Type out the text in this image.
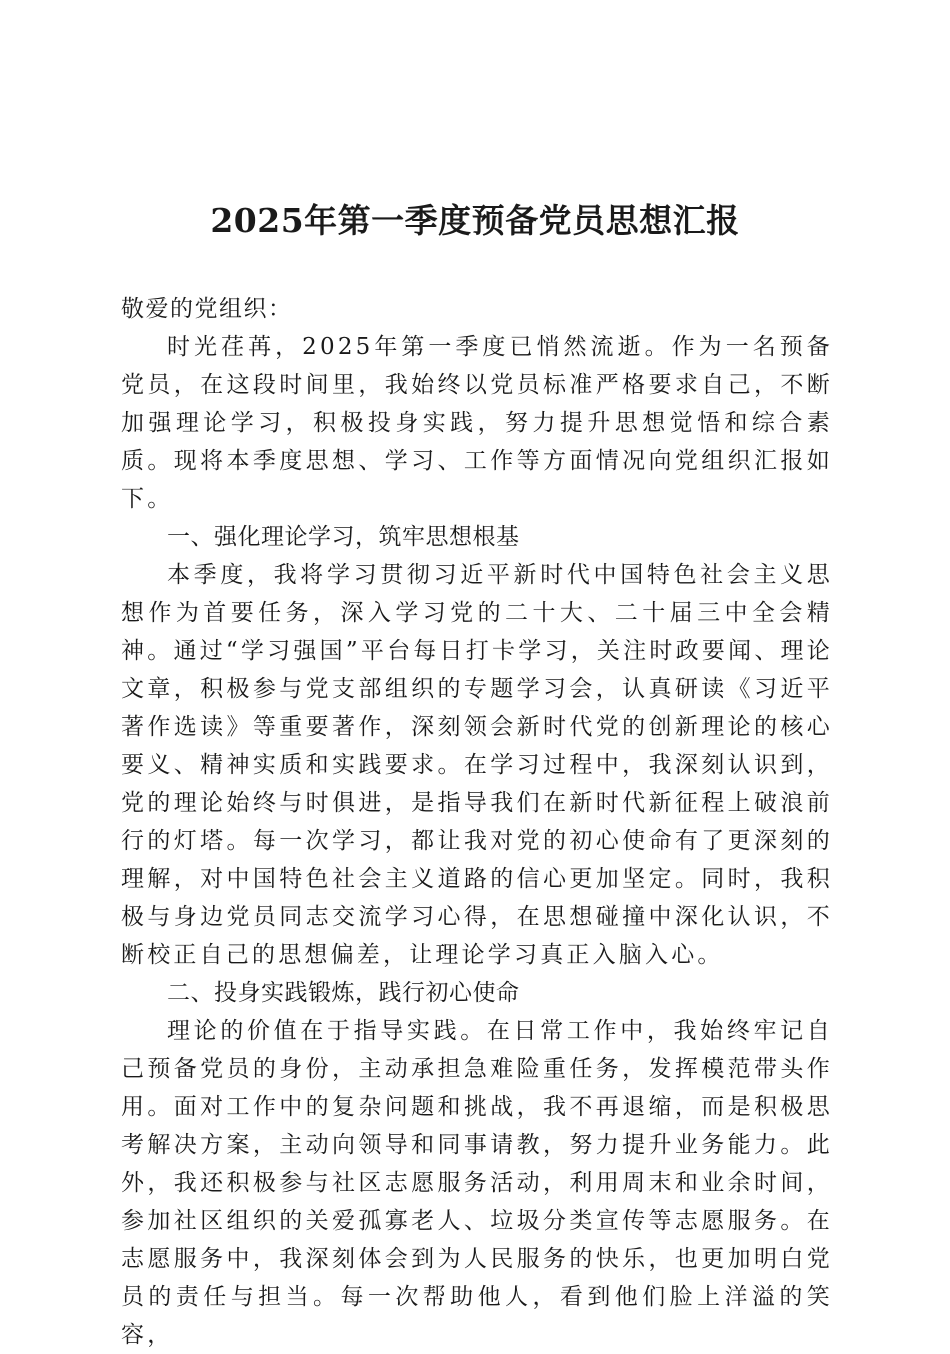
2025年第一季度预备党员思想汇报

敬爱的党组织：

时光荏苒，2025年第一季度已悄然流逝。作为一名预备党员，在这段时间里，我始终以党员标准严格要求自己，不断加强理论学习，积极投身实践，努力提升思想觉悟和综合素质。现将本季度思想、学习、工作等方面情况向党组织汇报如下。

一、强化理论学习，筑牢思想根基

本季度，我将学习贯彻习近平新时代中国特色社会主义思想作为首要任务，深入学习党的二十大、二十届三中全会精神。通过“学习强国”平台每日打卡学习，关注时政要闻、理论文章，积极参与党支部组织的专题学习会，认真研读《习近平著作选读》等重要著作，深刻领会新时代党的创新理论的核心要义、精神实质和实践要求。在学习过程中，我深刻认识到，党的理论始终与时俱进，是指导我们在新时代新征程上破浪前行的灯塔。每一次学习，都让我对党的初心使命有了更深刻的理解，对中国特色社会主义道路的信心更加坚定。同时，我积极与身边党员同志交流学习心得，在思想碰撞中深化认识，不断校正自己的思想偏差，让理论学习真正入脑入心。

二、投身实践锻炼，践行初心使命

理论的价值在于指导实践。在日常工作中，我始终牢记自己预备党员的身份，主动承担急难险重任务，发挥模范带头作用。面对工作中的复杂问题和挑战，我不再退缩，而是积极思考解决方案，主动向领导和同事请教，努力提升业务能力。此外，我还积极参与社区志愿服务活动，利用周末和业余时间，参加社区组织的关爱孤寡老人、垃圾分类宣传等志愿服务。在志愿服务中，我深刻体会到为人民服务的快乐，也更加明白党员的责任与担当。每一次帮助他人，看到他们脸上洋溢的笑容，
